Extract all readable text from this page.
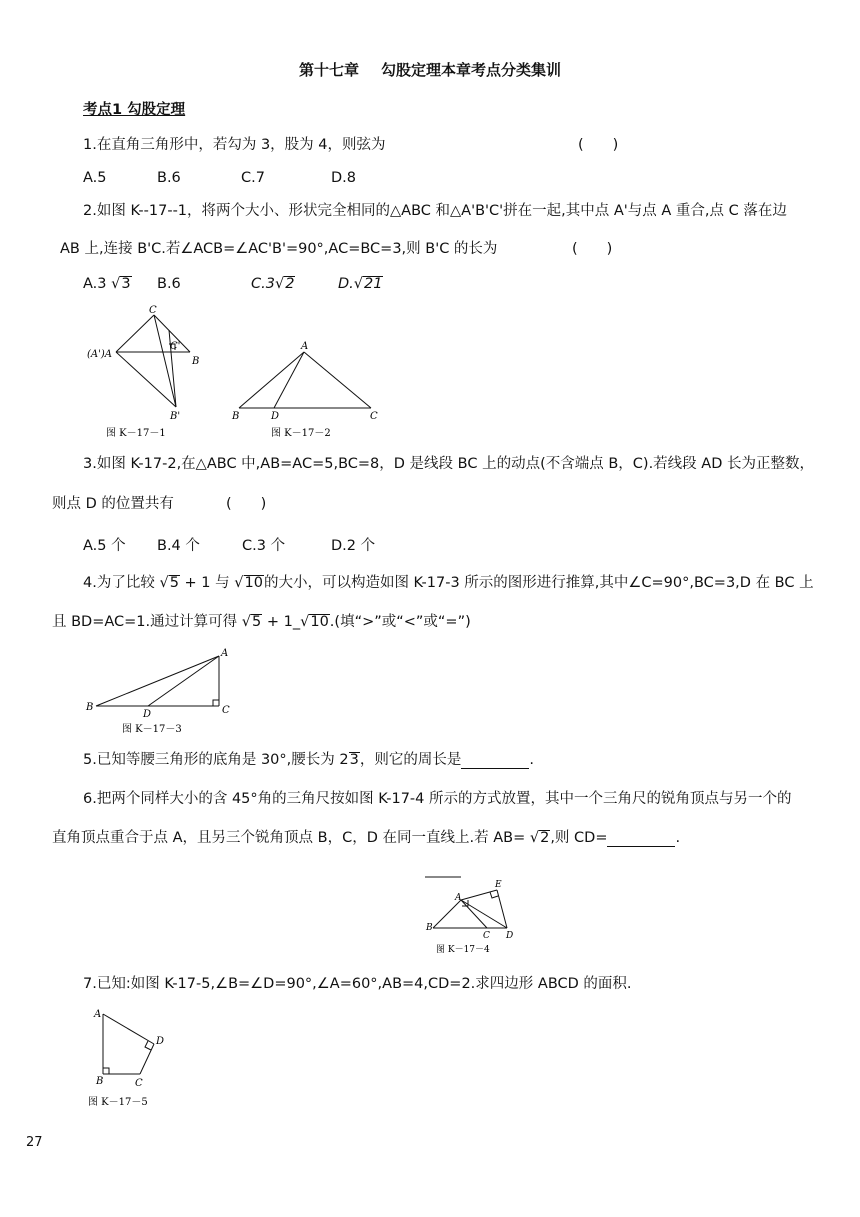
第十七章 勾股定理本章考点分类集训
考点1 勾股定理
1.在直角三角形中，若勾为 3，股为 4，则弦为	(　　)
A.5	B.6	C.7	D.8
2.如图 K--17--1，将两个大小、形状完全相同的△ABC 和△A'B'C'拼在一起,其中点 A'与点 A 重合,点 C 落在边
AB 上,连接 B'C.若∠ACB=∠AC'B'=90°,AC=BC=3,则 B'C 的长为	(　　)
A.3 √3 B.6	C.3√2	D.√21
C
C'
(A')A
B
B'
图 K－17－1
A
B	D	C
图 K－17－2
3.如图 K-17-2,在△ABC 中,AB=AC=5,BC=8，D 是线段 BC 上的动点(不含端点 B，C).若线段 AD 长为正整数，
则点 D 的位置共有	(　　)
A.5 个 B.4 个	C.3 个	D.2 个
4.为了比较 √5 + 1 与 √10的大小，可以构造如图 K-17-3 所示的图形进行推算,其中∠C=90°,BC=3,D 在 BC 上
且 BD=AC=1.通过计算可得 √5 + 1_√10.(填“>”或“<”或“=”)
A
B
D	C
图 K－17－3
5.已知等腰三角形的底角是 30°,腰长为 23，则它的周长是	.
6.把两个同样大小的含 45°角的三角尺按如图 K-17-4 所示的方式放置，其中一个三角尺的锐角顶点与另一个的
直角顶点重合于点 A，且另三个锐角顶点 B，C，D 在同一直线上.若 AB= √2,则 CD=	.
A
E
B
C D
图 K－17－4
7.已知:如图 K-17-5,∠B=∠D=90°,∠A=60°,AB=4,CD=2.求四边形 ABCD 的面积.
A
D
B	C
图 K－17－5
27
